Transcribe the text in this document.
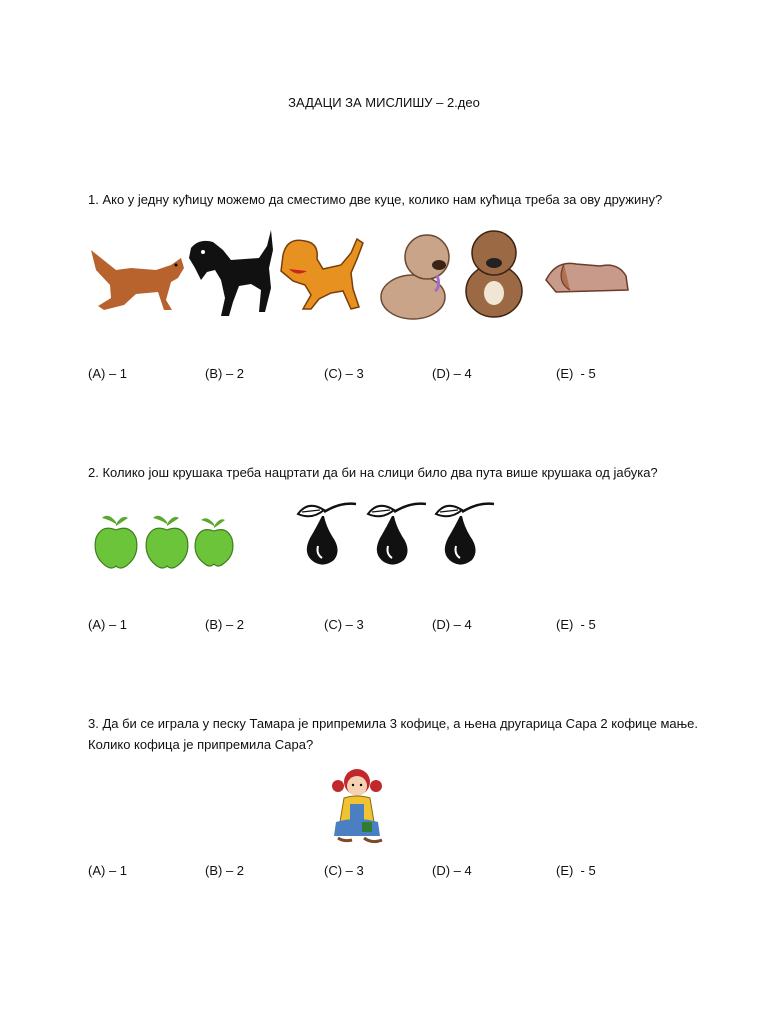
ЗАДАЦИ ЗА МИСЛИШУ – 2.део
1. Ако у једну кућицу можемо да сместимо две куце, колико нам кућица треба за ову дружину?
(A) – 1	(B) – 2	(C) – 3	(D) – 4	(E)  - 5
2. Колико још крушака треба нацртати да би на слици било два пута више крушака од јабука?
(A) – 1	(B) – 2	(C) – 3	(D) – 4	(E)  - 5
3. Да би се играла у песку Тамара је припремила 3 кофице, а њена другарица Сара 2 кофице мање.
Колико кофица је припремила Сара?
(A) – 1	(B) – 2	(C) – 3	(D) – 4	(E)  - 5
